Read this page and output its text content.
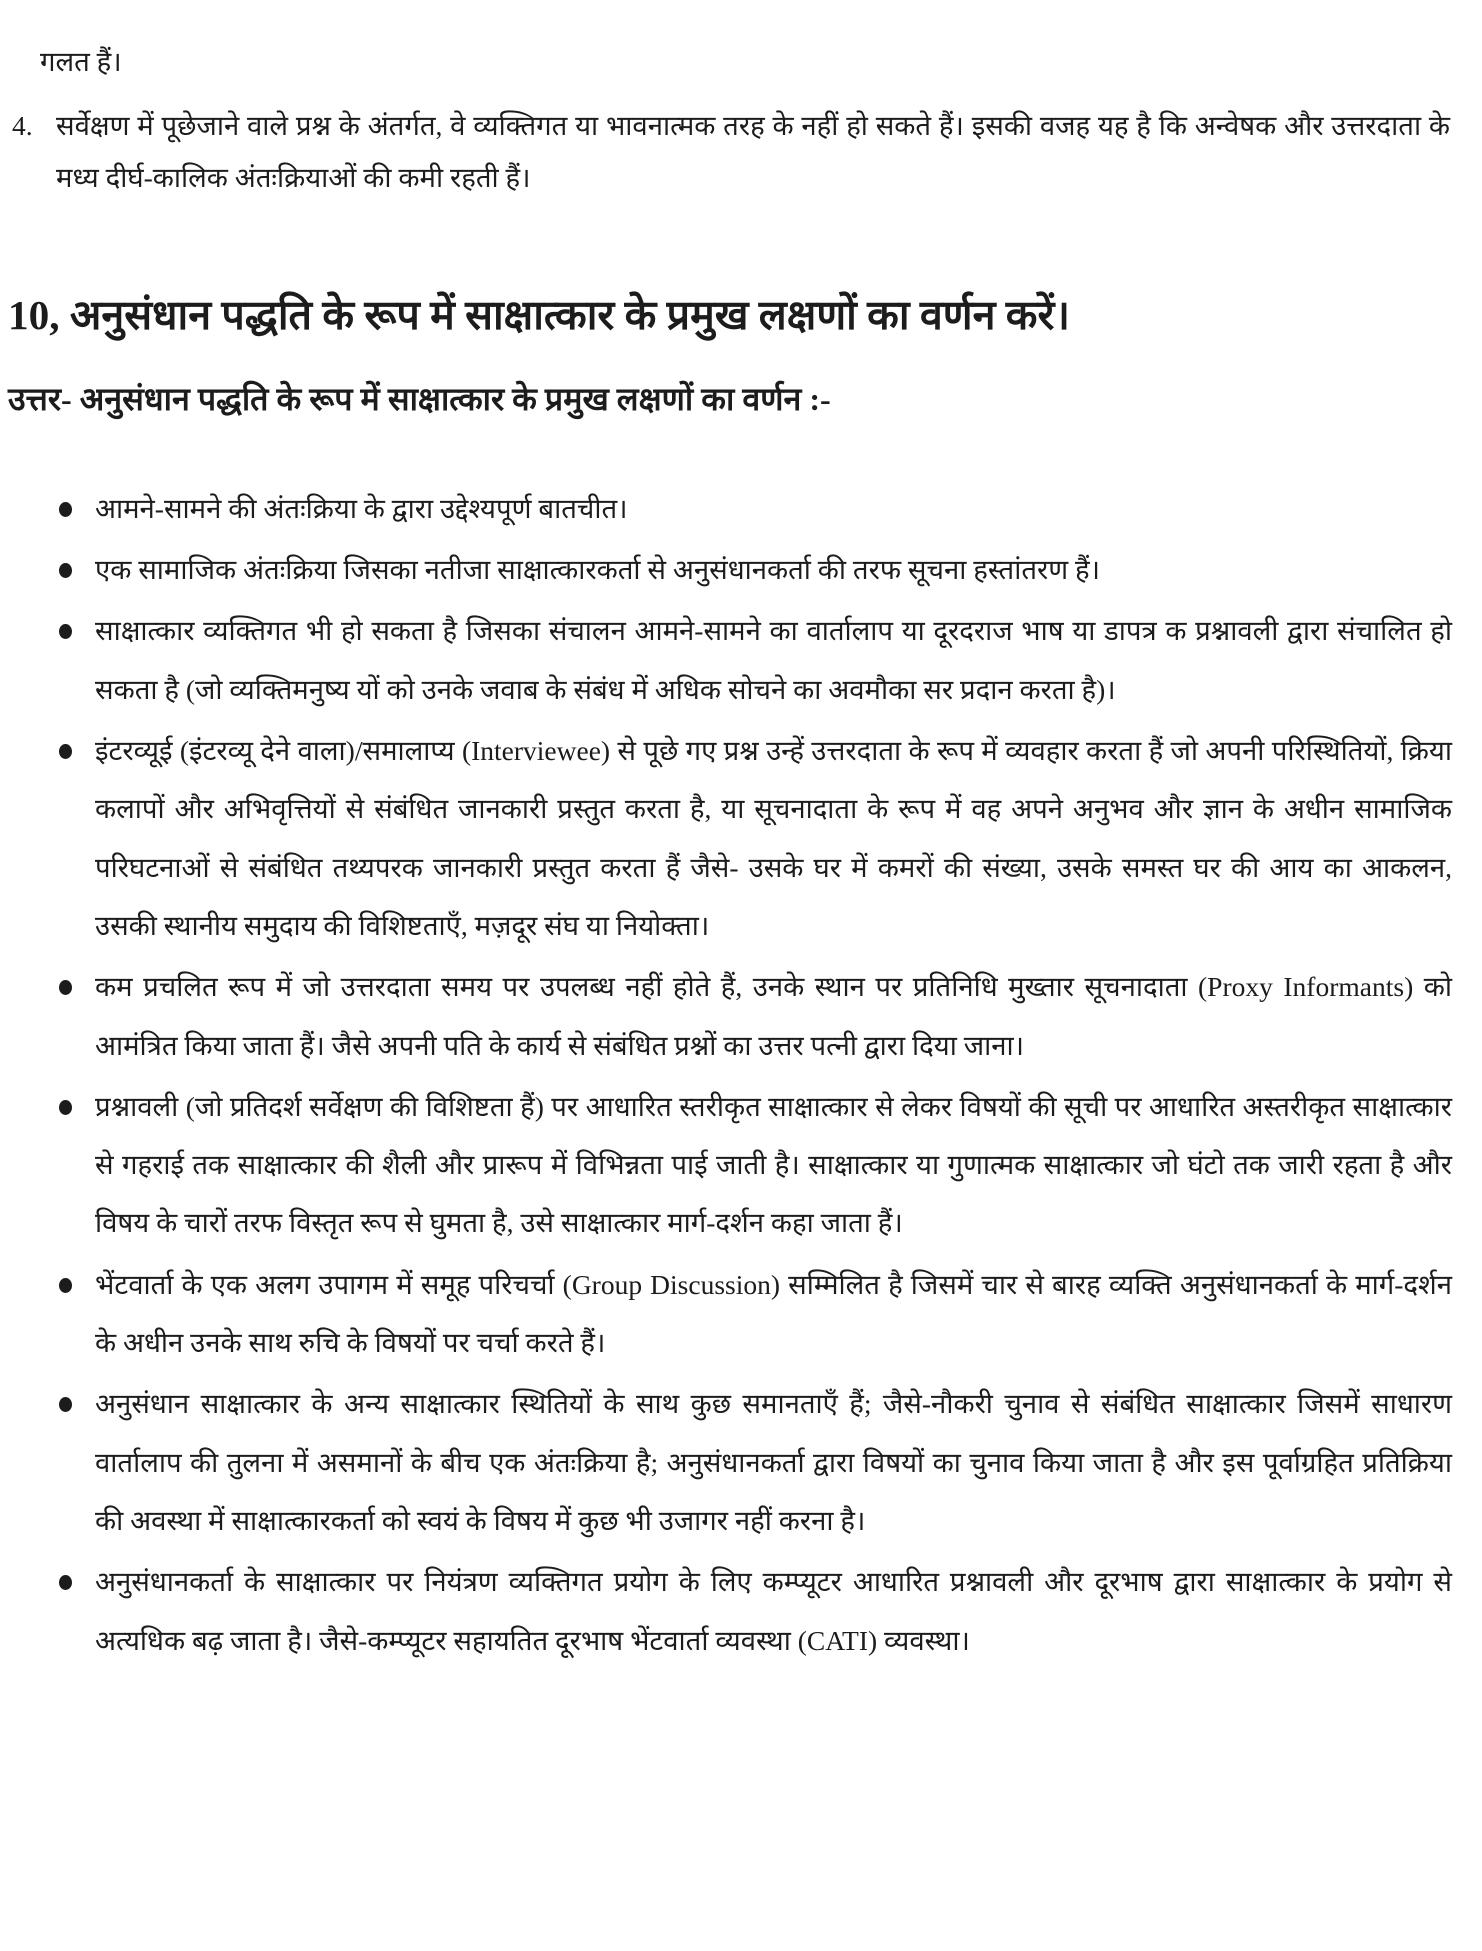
गलत हैं।

4. सर्वेक्षण में पूछेजाने वाले प्रश्न के अंतर्गत, वे व्यक्तिगत या भावनात्मक तरह के नहीं हो सकते हैं। इसकी वजह यह है कि अन्वेषक और उत्तरदाता के मध्य दीर्घ-कालिक अंतःक्रियाओं की कमी रहती हैं।
10, अनुसंधान पद्धति के रूप में साक्षात्कार के प्रमुख लक्षणों का वर्णन करें।
उत्तर- अनुसंधान पद्धति के रूप में साक्षात्कार के प्रमुख लक्षणों का वर्णन :-
आमने-सामने की अंतःक्रिया के द्वारा उद्देश्यपूर्ण बातचीत।
एक सामाजिक अंतःक्रिया जिसका नतीजा साक्षात्कारकर्ता से अनुसंधानकर्ता की तरफ सूचना हस्तांतरण हैं।
साक्षात्कार व्यक्तिगत भी हो सकता है जिसका संचालन आमने-सामने का वार्तालाप या दूरदराज भाष या डापत्र क प्रश्नावली द्वारा संचालित हो सकता है (जो व्यक्तिमनुष्य यों को उनके जवाब के संबंध में अधिक सोचने का अवमौका सर प्रदान करता है)।
इंटरव्यूई (इंटरव्यू देने वाला)/समालाप्य (Interviewee) से पूछे गए प्रश्न उन्हें उत्तरदाता के रूप में व्यवहार करता हैं जो अपनी परिस्थितियों, क्रिया कलापों और अभिवृत्तियों से संबंधित जानकारी प्रस्तुत करता है, या सूचनादाता के रूप में वह अपने अनुभव और ज्ञान के अधीन सामाजिक परिघटनाओं से संबंधित तथ्यपरक जानकारी प्रस्तुत करता हैं जैसे- उसके घर में कमरों की संख्या, उसके समस्त घर की आय का आकलन, उसकी स्थानीय समुदाय की विशिष्टताएँ, मज़दूर संघ या नियोक्ता।
कम प्रचलित रूप में जो उत्तरदाता समय पर उपलब्ध नहीं होते हैं, उनके स्थान पर प्रतिनिधि मुख्तार सूचनादाता (Proxy Informants) को आमंत्रित किया जाता हैं। जैसे अपनी पति के कार्य से संबंधित प्रश्नों का उत्तर पत्नी द्वारा दिया जाना।
प्रश्नावली (जो प्रतिदर्श सर्वेक्षण की विशिष्टता हैं) पर आधारित स्तरीकृत साक्षात्कार से लेकर विषयों की सूची पर आधारित अस्तरीकृत साक्षात्कार से गहराई तक साक्षात्कार की शैली और प्रारूप में विभिन्नता पाई जाती है। साक्षात्कार या गुणात्मक साक्षात्कार जो घंटो तक जारी रहता है और विषय के चारों तरफ विस्तृत रूप से घुमता है, उसे साक्षात्कार मार्ग-दर्शन कहा जाता हैं।
भेंटवार्ता के एक अलग उपागम में समूह परिचर्चा (Group Discussion) सम्मिलित है जिसमें चार से बारह व्यक्ति अनुसंधानकर्ता के मार्ग-दर्शन के अधीन उनके साथ रुचि के विषयों पर चर्चा करते हैं।
अनुसंधान साक्षात्कार के अन्य साक्षात्कार स्थितियों के साथ कुछ समानताएँ हैं; जैसे-नौकरी चुनाव से संबंधित साक्षात्कार जिसमें साधारण वार्तालाप की तुलना में असमानों के बीच एक अंतःक्रिया है; अनुसंधानकर्ता द्वारा विषयों का चुनाव किया जाता है और इस पूर्वाग्रहित प्रतिक्रिया की अवस्था में साक्षात्कारकर्ता को स्वयं के विषय में कुछ भी उजागर नहीं करना है।
अनुसंधानकर्ता के साक्षात्कार पर नियंत्रण व्यक्तिगत प्रयोग के लिए कम्प्यूटर आधारित प्रश्नावली और दूरभाष द्वारा साक्षात्कार के प्रयोग से अत्यधिक बढ़ जाता है। जैसे-कम्प्यूटर सहायतित दूरभाष भेंटवार्ता व्यवस्था (CATI) व्यवस्था।
